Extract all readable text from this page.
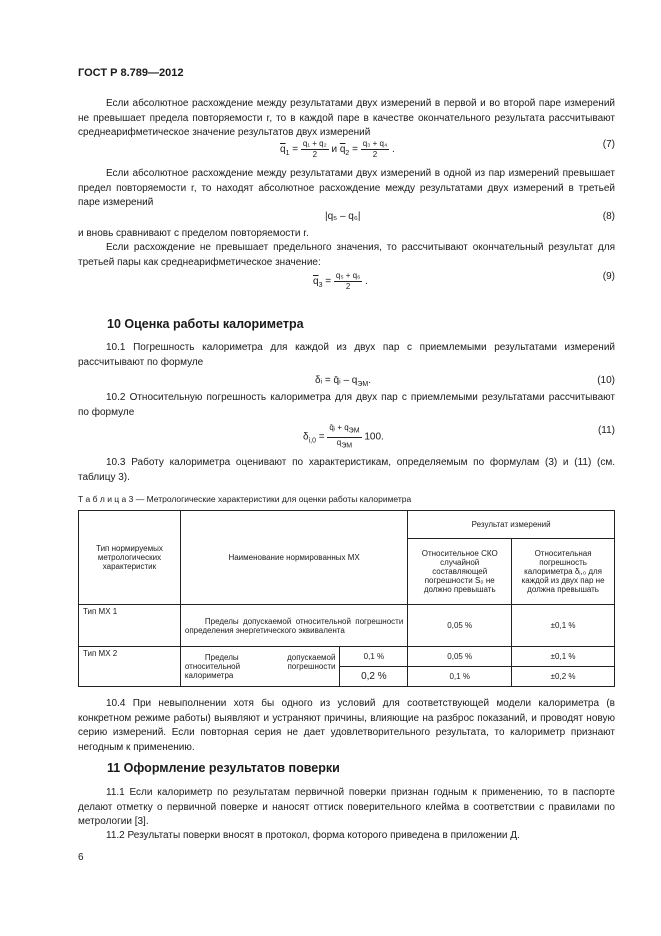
ГОСТ Р 8.789—2012
Если абсолютное расхождение между результатами двух измерений в первой и во второй паре измерений не превышает предела повторяемости r, то в каждой паре в качестве окончательного результата рассчитывают среднеарифметическое значение результатов двух измерений
$\overline{q}_1 = \frac{\text{q₁ + q₂}}{2}$ и $\overline{q}_2 = \frac{\text{q₃ + q₄}}{2}$ .	(7)
Если абсолютное расхождение между результатами двух измерений в одной из пар измерений превышает предел повторяемости r, то находят абсолютное расхождение между результатами двух измерений в третьей паре измерений
|q₅ – q₆|	(8)
и вновь сравнивают с пределом повторяемости r.
Если расхождение не превышает предельного значения, то рассчитывают окончательный результат для третьей пары как среднеарифметическое значение:
$\overline{q}_3 = \frac{\text{q₅ + q₆}}{2}$ .	(9)
10 Оценка работы калориметра
10.1 Погрешность калориметра для каждой из двух пар с приемлемыми результатами измерений рассчитывают по формуле
δᵢ = q̄ᵢ – $q_{ЭМ}$.	(10)
10.2 Относительную погрешность калориметра для двух пар с приемлемыми результатами рассчитывают по формуле
$\delta_{i,0} = \frac{q̄ᵢ + q_{ЭМ}}{q_{ЭМ}} 100$.
(11)
10.3 Работу калориметра оценивают по характеристикам, определяемым по формулам (3) и (11) (см. таблицу 3).
Т а б л и ц а 3 — Метрологические характеристики для оценки работы калориметра
Тип нормируемых метрологических характеристик	Наименование нормированных МХ		Результат измерений	
			Относительное СКО случайной составляющей погрешности S₀ не должно превышать	Относительная погрешность калориметра δᵢ,₀ для каждой из двух пар не должна превышать
Тип МХ 1	Пределы допускаемой относительной погрешности определения энергетического эквивалента		0,05 %	±0,1 %
Тип МХ 2	Пределы допускаемой относительной погрешности калориметра	0,1 %	0,05 %	±0,1 %
		0,2 %	0,1 %	±0,2 %
10.4 При невыполнении хотя бы одного из условий для соответствующей модели калориметра (в конкретном режиме работы) выявляют и устраняют причины, влияющие на разброс показаний, и проводят новую серию измерений. Если повторная серия не дает удовлетворительного результата, то калориметр признают негодным к применению.
11 Оформление результатов поверки
11.1 Если калориметр по результатам первичной поверки признан годным к применению, то в паспорте делают отметку о первичной поверке и наносят оттиск поверительного клейма в соответствии с правилами по метрологии [3].
11.2 Результаты поверки вносят в протокол, форма которого приведена в приложении Д.
6
